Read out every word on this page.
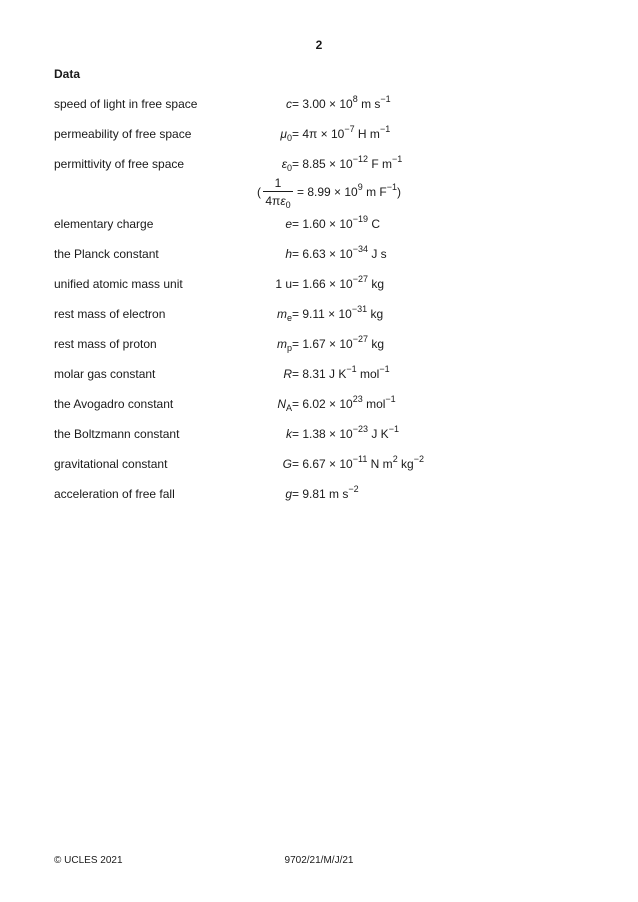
2
Data
speed of light in free space	$c = 3.00 \times 10^8$ m $s^{-1}$
permeability of free space	$\mu_0 = 4\pi \times 10^{-7}$ H $m^{-1}$
permittivity of free space	$\varepsilon_0 = 8.85 \times 10^{-12}$ F $m^{-1}$
elementary charge	$e = 1.60 \times 10^{-19}$ C
the Planck constant	$h = 6.63 \times 10^{-34}$ J s
unified atomic mass unit	1 $u = 1.66 \times 10^{-27}$ kg
rest mass of electron	$m_e = 9.11 \times 10^{-31}$ kg
rest mass of proton	$m_p = 1.67 \times 10^{-27}$ kg
molar gas constant	R = 8.31 J $K^{-1}$ mol$^{-1}$
the Avogadro constant	$N_A = 6.02 \times 10^{23}$ mol$^{-1}$
the Boltzmann constant	$k = 1.38 \times 10^{-23}$ J $K^{-1}$
gravitational constant	$G = 6.67 \times 10^{-11}$ N $m^2$ $kg^{-2}$
acceleration of free fall	g = 9.81 m $s^{-2}$
( $\frac{1}{4\pi\varepsilon_0} = 8.99 \times 10^9$ m $F^{-1}$)
© UCLES 2021	9702/21/M/J/21
